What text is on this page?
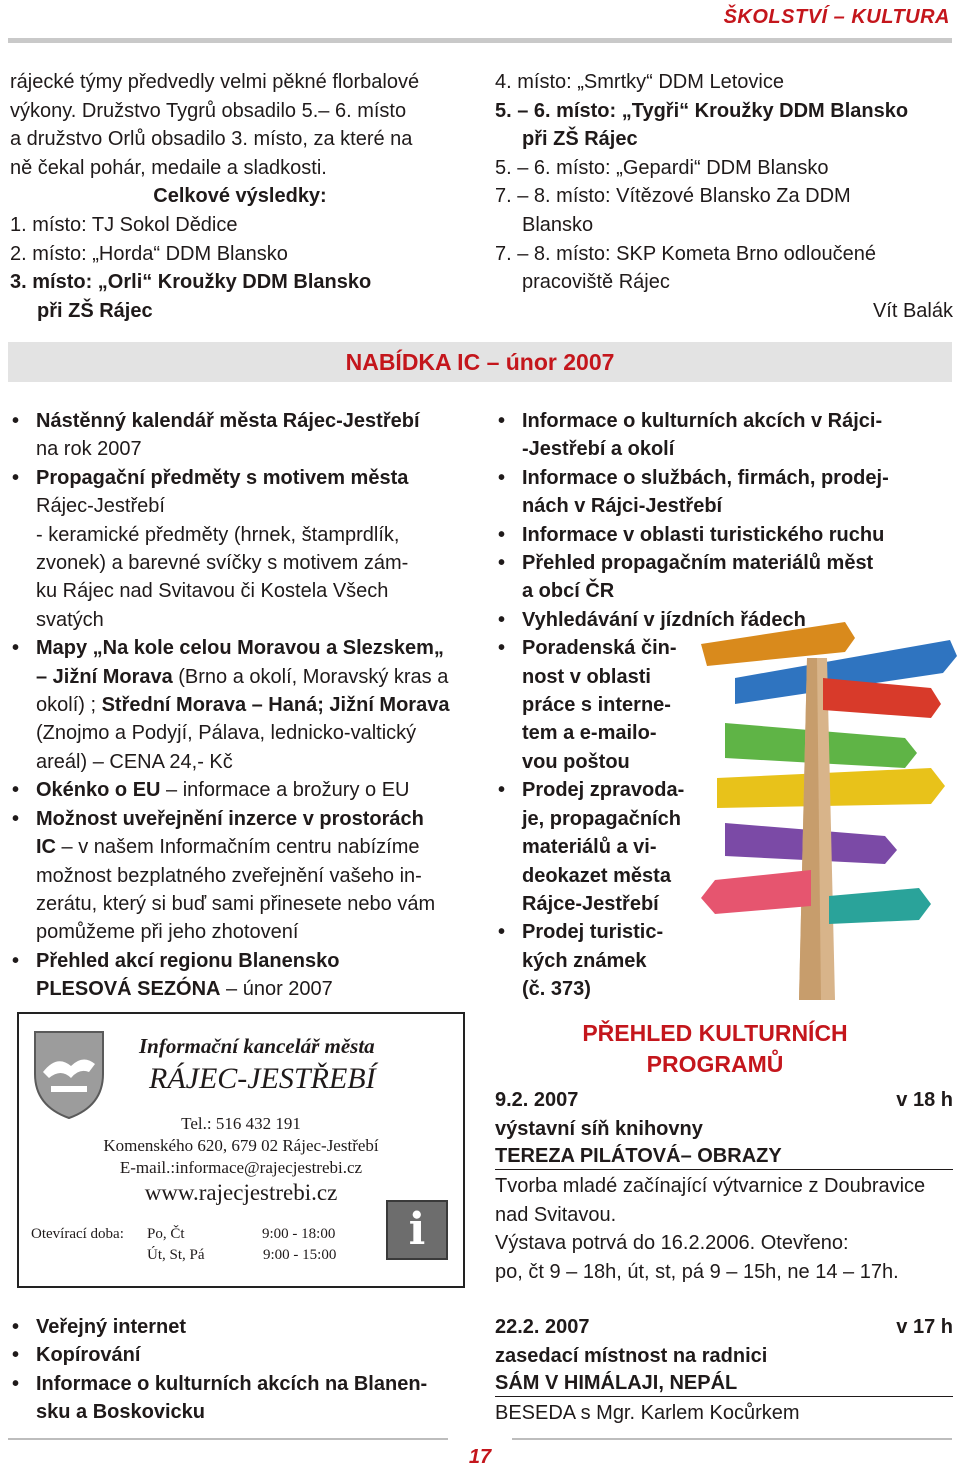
ŠKOLSTVÍ – KULTURA

rájecké týmy předvedly velmi pěkné florbalové

výkony. Družstvo Tygrů obsadilo 5.– 6. místo

a družstvo Orlů obsadilo 3. místo, za které na

ně čekal pohár, medaile a sladkosti.

Celkové výsledky:

1. místo: TJ Sokol Dědice

2. místo: „Horda“ DDM Blansko

3. místo: „Orli“ Kroužky DDM Blansko

při ZŠ Rájec

4. místo: „Smrtky“ DDM Letovice

5. – 6. místo: „Tygři“ Kroužky DDM Blansko

při ZŠ Rájec

5. – 6. místo: „Gepardi“ DDM Blansko

7. – 8. místo: Vítězové Blansko Za DDM

Blansko

7. – 8. místo: SKP Kometa Brno odloučené

pracoviště Rájec

Vít Balák

NABÍDKA IC – únor 2007
• Nástěnný kalendář města Rájec-Jestřebí
na rok 2007
• Propagační předměty s motivem města
Rájec-Jestřebí
- keramické předměty (hrnek, štamprdlík,
zvonek) a barevné svíčky s motivem zám-
ku Rájec nad Svitavou či Kostela Všech
svatých
• Mapy „Na kole celou Moravou a Slezskem„
– Jižní Morava (Brno a okolí, Moravský kras a
okolí) ; Střední Morava – Haná; Jižní Morava
(Znojmo a Podyjí, Pálava, lednicko-valtický
areál) – CENA 24,- Kč
• Okénko o EU – informace a brožury o EU
• Možnost uveřejnění inzerce v prostorách
IC – v našem Informačním centru nabízíme
možnost bezplatného zveřejnění vašeho in-
zerátu, který si buď sami přinesete nebo vám
pomůžeme při jeho zhotovení
• Přehled akcí regionu Blanensko
PLESOVÁ SEZÓNA – únor 2007
• Informace o kulturních akcích v Rájci-
-Jestřebí a okolí
• Informace o službách, firmách, prodej-
nách v Rájci-Jestřebí
• Informace v oblasti turistického ruchu
• Přehled propagačním materiálů měst
a obcí ČR
• Vyhledávání v jízdních řádech
• Poradenská čin-
nost v oblasti
práce s interne-
tem a e-mailo-
vou poštou
• Prodej zpravoda-
je, propagačních
materiálů a vi-
deokazet města
Rájce-Jestřebí
• Prodej turistic-
kých známek
(č. 373)
Informační kancelář města
RÁJEC-JESTŘEBÍ
Tel.: 516 432 191
Komenského 620, 679 02 Rájec-Jestřebí
E-mail.:informace@rajecjestrebi.cz
www.rajecjestrebi.cz
Otevírací doba: Po, Čt	9:00 - 18:00
Út, St, Pá	9:00 - 15:00	i
• Veřejný internet
• Kopírování
• Informace o kulturních akcích na Blanen-
sku a Boskovicku
PŘEHLED KULTURNÍCH
PROGRAMŮ

9.2. 2007	v 18 h

výstavní síň knihovny

TEREZA PILÁTOVÁ– OBRAZY

Tvorba mladé začínající výtvarnice z Doubravice

nad Svitavou.

Výstava potrvá do 16.2.2006. Otevřeno:

po, čt 9 – 18h, út, st, pá 9 – 15h, ne 14 – 17h.

22.2. 2007	v 17 h

zasedací místnost na radnici

SÁM V HIMÁLAJI, NEPÁL

BESEDA s Mgr. Karlem Kocůrkem

17
